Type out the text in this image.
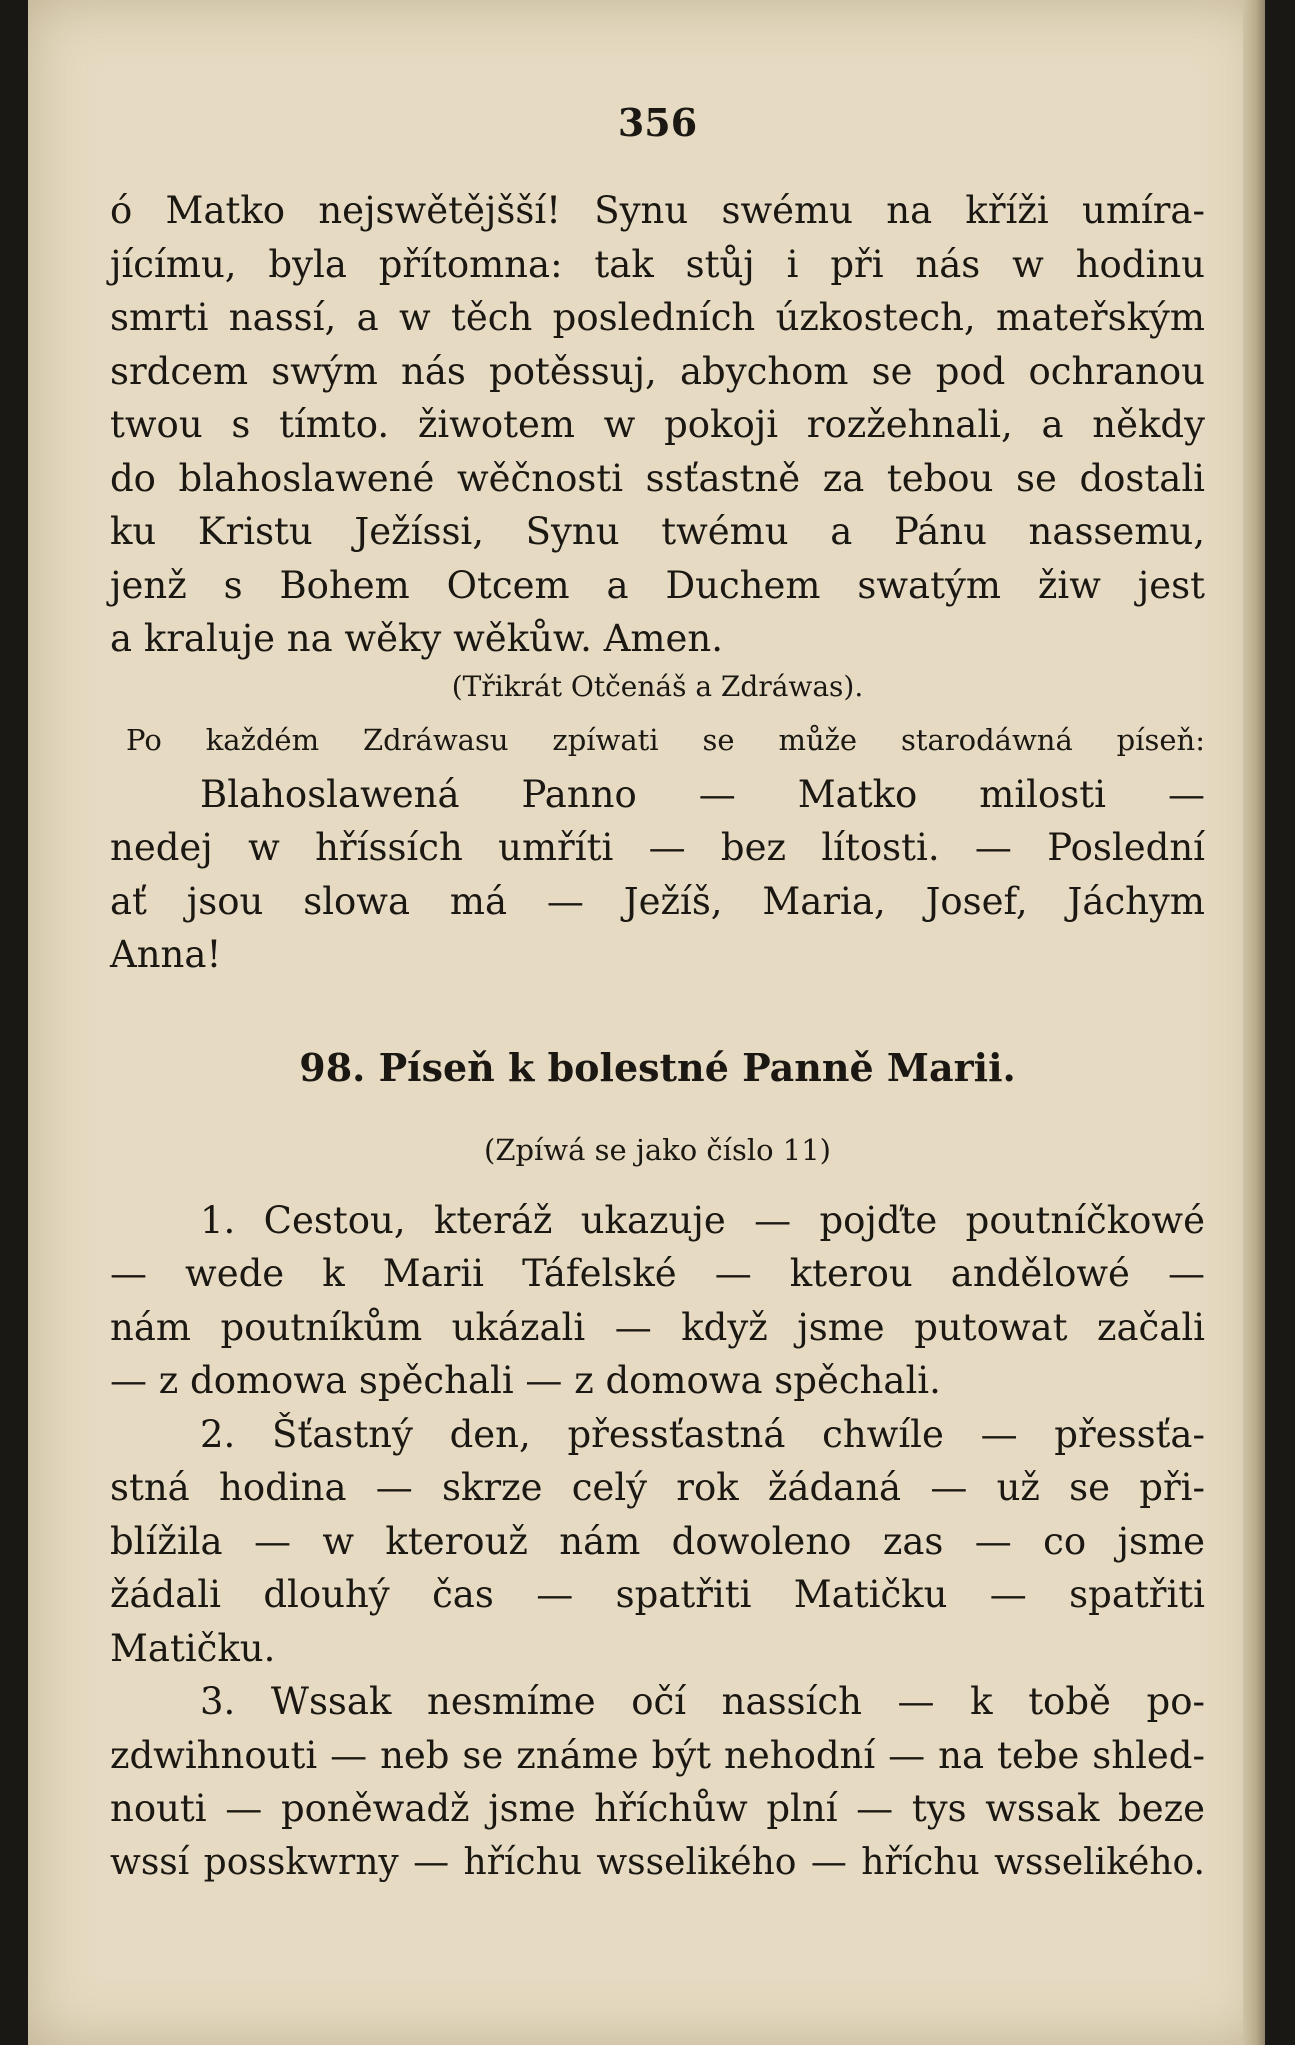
356
ó Matko nejswětějšší! Synu swému na kříži umíra-
jícímu, byla přítomna: tak stůj i při nás w hodinu
smrti nassí, a w těch posledních úzkostech, mateřským
srdcem swým nás potěssuj, abychom se pod ochranou
twou s tímto. žiwotem w pokoji rozžehnali, a někdy
do blahoslawené wěčnosti ssťastně za tebou se dostali
ku Kristu Ježíssi, Synu twému a Pánu nassemu,
jenž s Bohem Otcem a Duchem swatým žiw jest
a kraluje na wěky wěkůw. Amen.
(Třikrát Otčenáš a Zdráwas).
Po každém Zdráwasu zpíwati se může starodáwná píseň:
Blahoslawená Panno — Matko milosti —
nedej w hříssích umříti — bez lítosti. — Poslední
ať jsou slowa má — Ježíš, Maria, Josef, Jáchym
Anna!
98. Píseň k bolestné Panně Marii.
(Zpíwá se jako číslo 11)
1. Cestou, kteráž ukazuje — pojďte poutníčkowé
— wede k Marii Táfelské — kterou andělowé —
nám poutníkům ukázali — když jsme putowat začali
— z domowa spěchali — z domowa spěchali.
2. Šťastný den, přessťastná chwíle — přessťa-
stná hodina — skrze celý rok žádaná — už se při-
blížila — w kterouž nám dowoleno zas — co jsme
žádali dlouhý čas — spatřiti Matičku — spatřiti
Matičku.
3. Wssak nesmíme očí nassích — k tobě po-
zdwihnouti — neb se známe být nehodní — na tebe shled-
nouti — poněwadž jsme hříchůw plní — tys wssak beze
wssí posskwrny — hříchu wsselikého — hříchu wsselikého.
